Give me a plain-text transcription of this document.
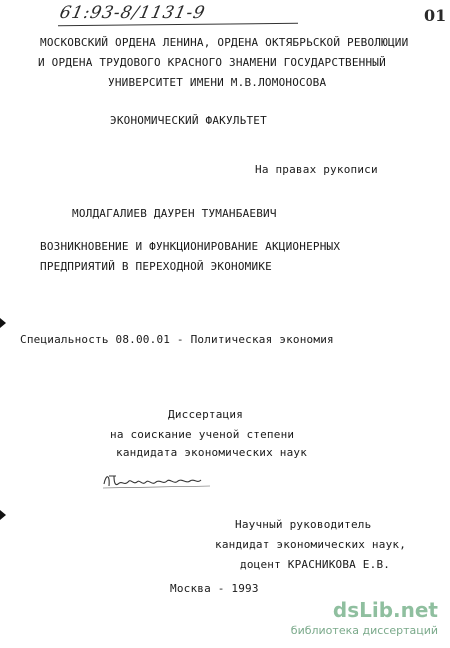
61:93-8/1131-9	01
МОСКОВСКИЙ ОРДЕНА ЛЕНИНА, ОРДЕНА ОКТЯБРЬСКОЙ РЕВОЛЮЦИИ
И ОРДЕНА ТРУДОВОГО КРАСНОГО ЗНАМЕНИ ГОСУДАРСТВЕННЫЙ
УНИВЕРСИТЕТ ИМЕНИ М.В.ЛОМОНОСОВА
ЭКОНОМИЧЕСКИЙ ФАКУЛЬТЕТ
На правах рукописи
МОЛДАГАЛИЕВ ДАУРЕН ТУМАНБАЕВИЧ
ВОЗНИКНОВЕНИЕ И ФУНКЦИОНИРОВАНИЕ АКЦИОНЕРНЫХ
ПРЕДПРИЯТИЙ В ПЕРЕХОДНОЙ ЭКОНОМИКЕ
Специальность 08.00.01 - Политическая экономия
Диссертация
на соискание ученой степени
кандидата экономических наук
Научный руководитель
кандидат экономических наук,
доцент КРАСНИКОВА Е.В.
Москва - 1993
dsLib.net
библиотека диссертаций
